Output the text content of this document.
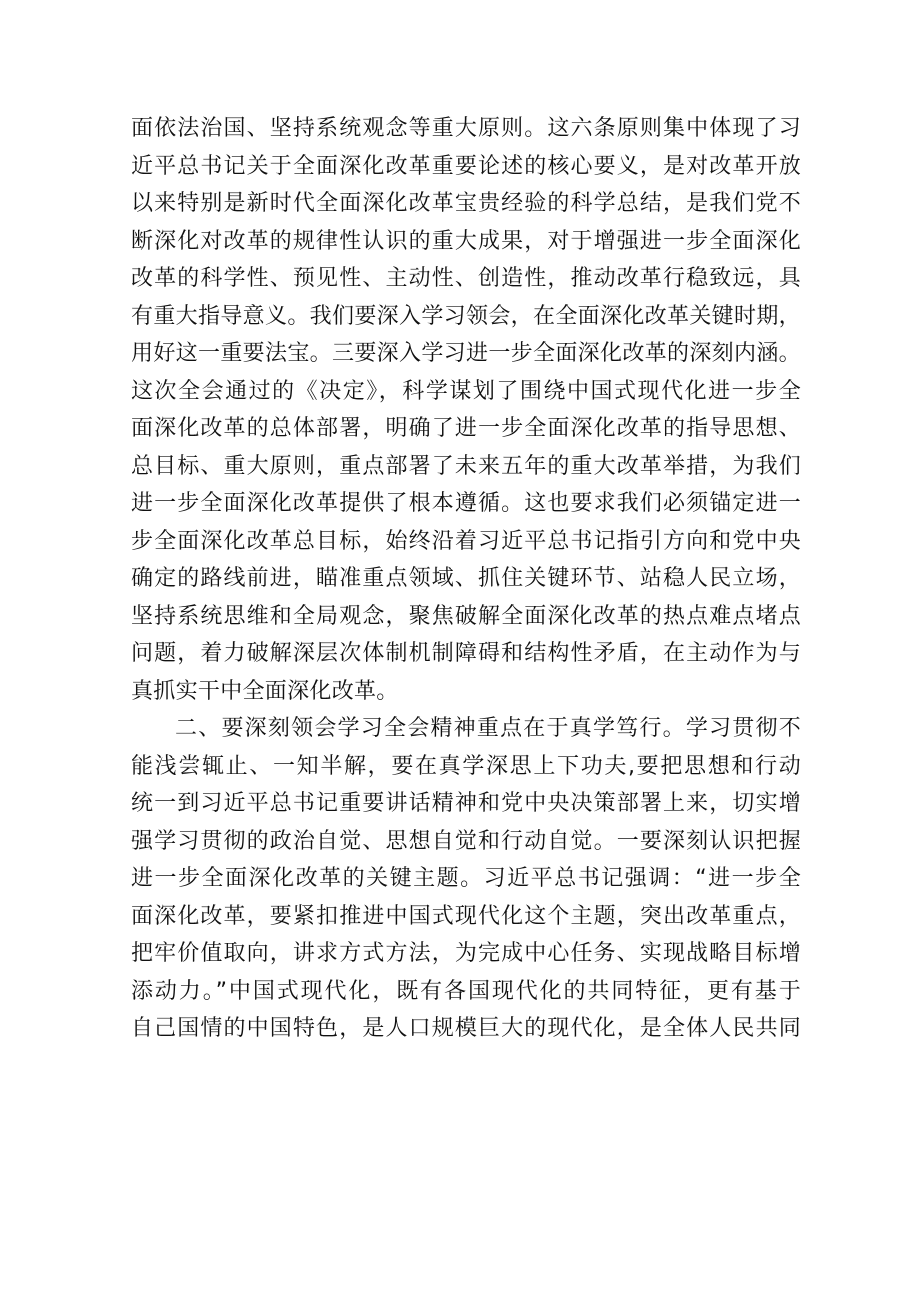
面依法治国、坚持系统观念等重大原则。这六条原则集中体现了习
近平总书记关于全面深化改革重要论述的核心要义，是对改革开放
以来特别是新时代全面深化改革宝贵经验的科学总结，是我们党不
断深化对改革的规律性认识的重大成果，对于增强进一步全面深化
改革的科学性、预见性、主动性、创造性，推动改革行稳致远，具
有重大指导意义。我们要深入学习领会，在全面深化改革关键时期，
用好这一重要法宝。三要深入学习进一步全面深化改革的深刻内涵。
这次全会通过的《决定》，科学谋划了围绕中国式现代化进一步全
面深化改革的总体部署，明确了进一步全面深化改革的指导思想、
总目标、重大原则，重点部署了未来五年的重大改革举措，为我们
进一步全面深化改革提供了根本遵循。这也要求我们必须锚定进一
步全面深化改革总目标，始终沿着习近平总书记指引方向和党中央
确定的路线前进，瞄准重点领域、抓住关键环节、站稳人民立场，
坚持系统思维和全局观念，聚焦破解全面深化改革的热点难点堵点
问题，着力破解深层次体制机制障碍和结构性矛盾，在主动作为与
真抓实干中全面深化改革。
二、要深刻领会学习全会精神重点在于真学笃行。学习贯彻不
能浅尝辄止、一知半解，要在真学深思上下功夫,要把思想和行动
统一到习近平总书记重要讲话精神和党中央决策部署上来，切实增
强学习贯彻的政治自觉、思想自觉和行动自觉。一要深刻认识把握
进一步全面深化改革的关键主题。习近平总书记强调：“进一步全
面深化改革，要紧扣推进中国式现代化这个主题，突出改革重点，
把牢价值取向，讲求方式方法，为完成中心任务、实现战略目标增
添动力。”中国式现代化，既有各国现代化的共同特征，更有基于
自己国情的中国特色，是人口规模巨大的现代化，是全体人民共同
